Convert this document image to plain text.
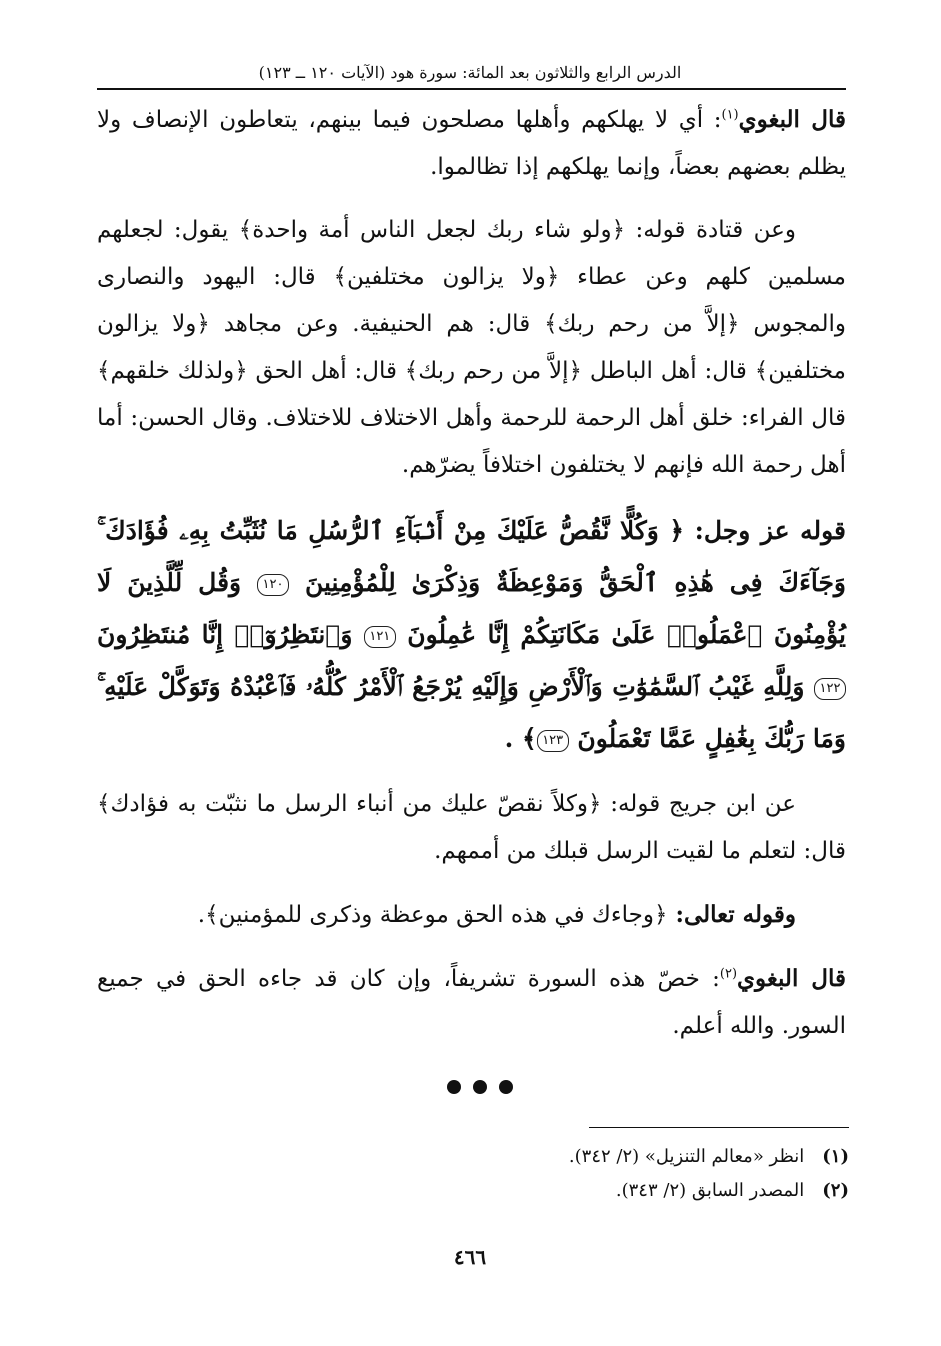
الدرس الرابع والثلاثون بعد المائة: سورة هود (الآيات ١٢٠ ــ ١٢٣)

قال البغوي$^{(١)}$: أي لا يهلكهم وأهلها مصلحون فيما بينهم، يتعاطون الإنصاف ولا يظلم بعضهم بعضاً، وإنما يهلكهم إذا تظالموا.

وعن قتادة قوله: ﴿ولو شاء ربك لجعل الناس أمة واحدة﴾ يقول: لجعلهم مسلمين كلهم وعن عطاء ﴿ولا يزالون مختلفين﴾ قال: اليهود والنصارى والمجوس ﴿إلاَّ من رحم ربك﴾ قال: هم الحنيفية. وعن مجاهد ﴿ولا يزالون مختلفين﴾ قال: أهل الباطل ﴿إلاَّ من رحم ربك﴾ قال: أهل الحق ﴿ولذلك خلقهم﴾ قال الفراء: خلق أهل الرحمة للرحمة وأهل الاختلاف للاختلاف. وقال الحسن: أما أهل رحمة الله فإنهم لا يختلفون اختلافاً يضرّهم.

قوله عز وجل: ﴿ وَكُلًّا نَّقُصُّ عَلَيْكَ مِنْ أَنۢبَآءِ ٱلرُّسُلِ مَا نُثَبِّتُ بِهِۦ فُؤَادَكَ ۚ وَجَآءَكَ فِى هَٰذِهِ ٱلْحَقُّ وَمَوْعِظَةٌ وَذِكْرَىٰ لِلْمُؤْمِنِينَ ١٢٠ وَقُل لِّلَّذِينَ لَا يُؤْمِنُونَ ٱعْمَلُوا۟ عَلَىٰ مَكَانَتِكُمْ إِنَّا عَٰمِلُونَ ١٢١ وَٱنتَظِرُوٓا۟ إِنَّا مُنتَظِرُونَ ١٢٢ وَلِلَّهِ غَيْبُ ٱلسَّمَٰوَٰتِ وَٱلْأَرْضِ وَإِلَيْهِ يُرْجَعُ ٱلْأَمْرُ كُلُّهُۥ فَٱعْبُدْهُ وَتَوَكَّلْ عَلَيْهِ ۚ وَمَا رَبُّكَ بِغَٰفِلٍ عَمَّا تَعْمَلُونَ ١٢٣﴾ .

عن ابن جريج قوله: ﴿وكلاً نقصّ عليك من أنباء الرسل ما نثبّت به فؤادك﴾ قال: لتعلم ما لقيت الرسل قبلك من أممهم.

وقوله تعالى: ﴿وجاءك في هذه الحق موعظة وذكرى للمؤمنين﴾.

قال البغوي$^{(٢)}$: خصّ هذه السورة تشريفاً، وإن كان قد جاءه الحق في جميع السور. والله أعلم.

(١)
انظر «معالم التنزيل» (٢/ ٣٤٢).
(٢)
المصدر السابق (٢/ ٣٤٣).
٤٦٦
